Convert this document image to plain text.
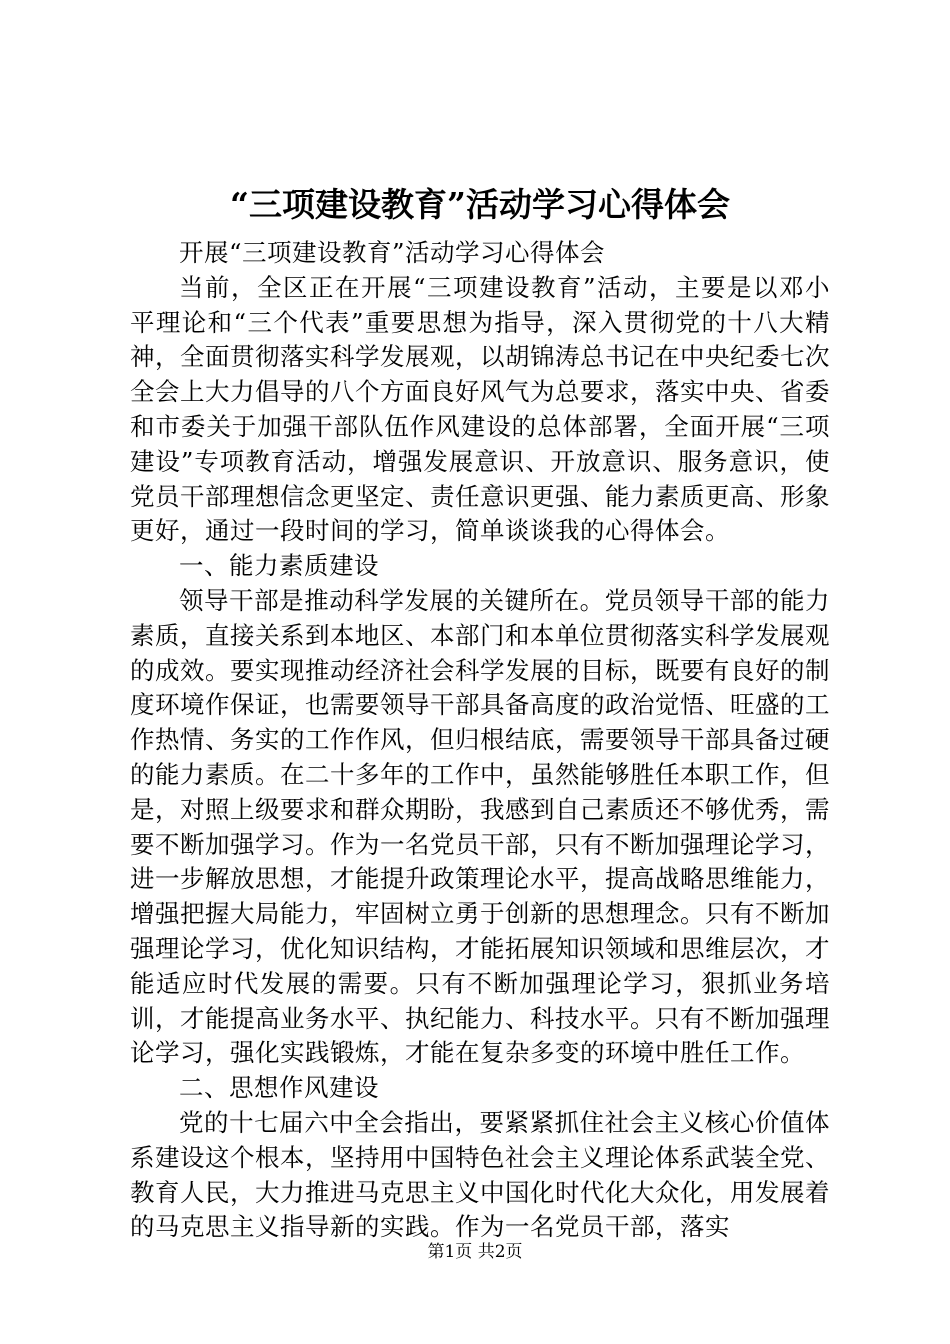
“三项建设教育”活动学习心得体会

开展“三项建设教育”活动学习心得体会

当前，全区正在开展“三项建设教育”活动，主要是以邓小平理论和“三个代表”重要思想为指导，深入贯彻党的十八大精神，全面贯彻落实科学发展观，以胡锦涛总书记在中央纪委七次全会上大力倡导的八个方面良好风气为总要求，落实中央、省委和市委关于加强干部队伍作风建设的总体部署，全面开展“三项建设”专项教育活动，增强发展意识、开放意识、服务意识，使党员干部理想信念更坚定、责任意识更强、能力素质更高、形象更好，通过一段时间的学习，简单谈谈我的心得体会。

一、能力素质建设

领导干部是推动科学发展的关键所在。党员领导干部的能力素质，直接关系到本地区、本部门和本单位贯彻落实科学发展观的成效。要实现推动经济社会科学发展的目标，既要有良好的制度环境作保证，也需要领导干部具备高度的政治觉悟、旺盛的工作热情、务实的工作作风，但归根结底，需要领导干部具备过硬的能力素质。在二十多年的工作中，虽然能够胜任本职工作，但是，对照上级要求和群众期盼，我感到自己素质还不够优秀，需要不断加强学习。作为一名党员干部，只有不断加强理论学习，进一步解放思想，才能提升政策理论水平，提高战略思维能力，增强把握大局能力，牢固树立勇于创新的思想理念。只有不断加强理论学习，优化知识结构，才能拓展知识领域和思维层次，才能适应时代发展的需要。只有不断加强理论学习，狠抓业务培训，才能提高业务水平、执纪能力、科技水平。只有不断加强理论学习，强化实践锻炼，才能在复杂多变的环境中胜任工作。

二、思想作风建设

党的十七届六中全会指出，要紧紧抓住社会主义核心价值体系建设这个根本，坚持用中国特色社会主义理论体系武装全党、教育人民，大力推进马克思主义中国化时代化大众化，用发展着的马克思主义指导新的实践。作为一名党员干部，落实

第1页 共2页
